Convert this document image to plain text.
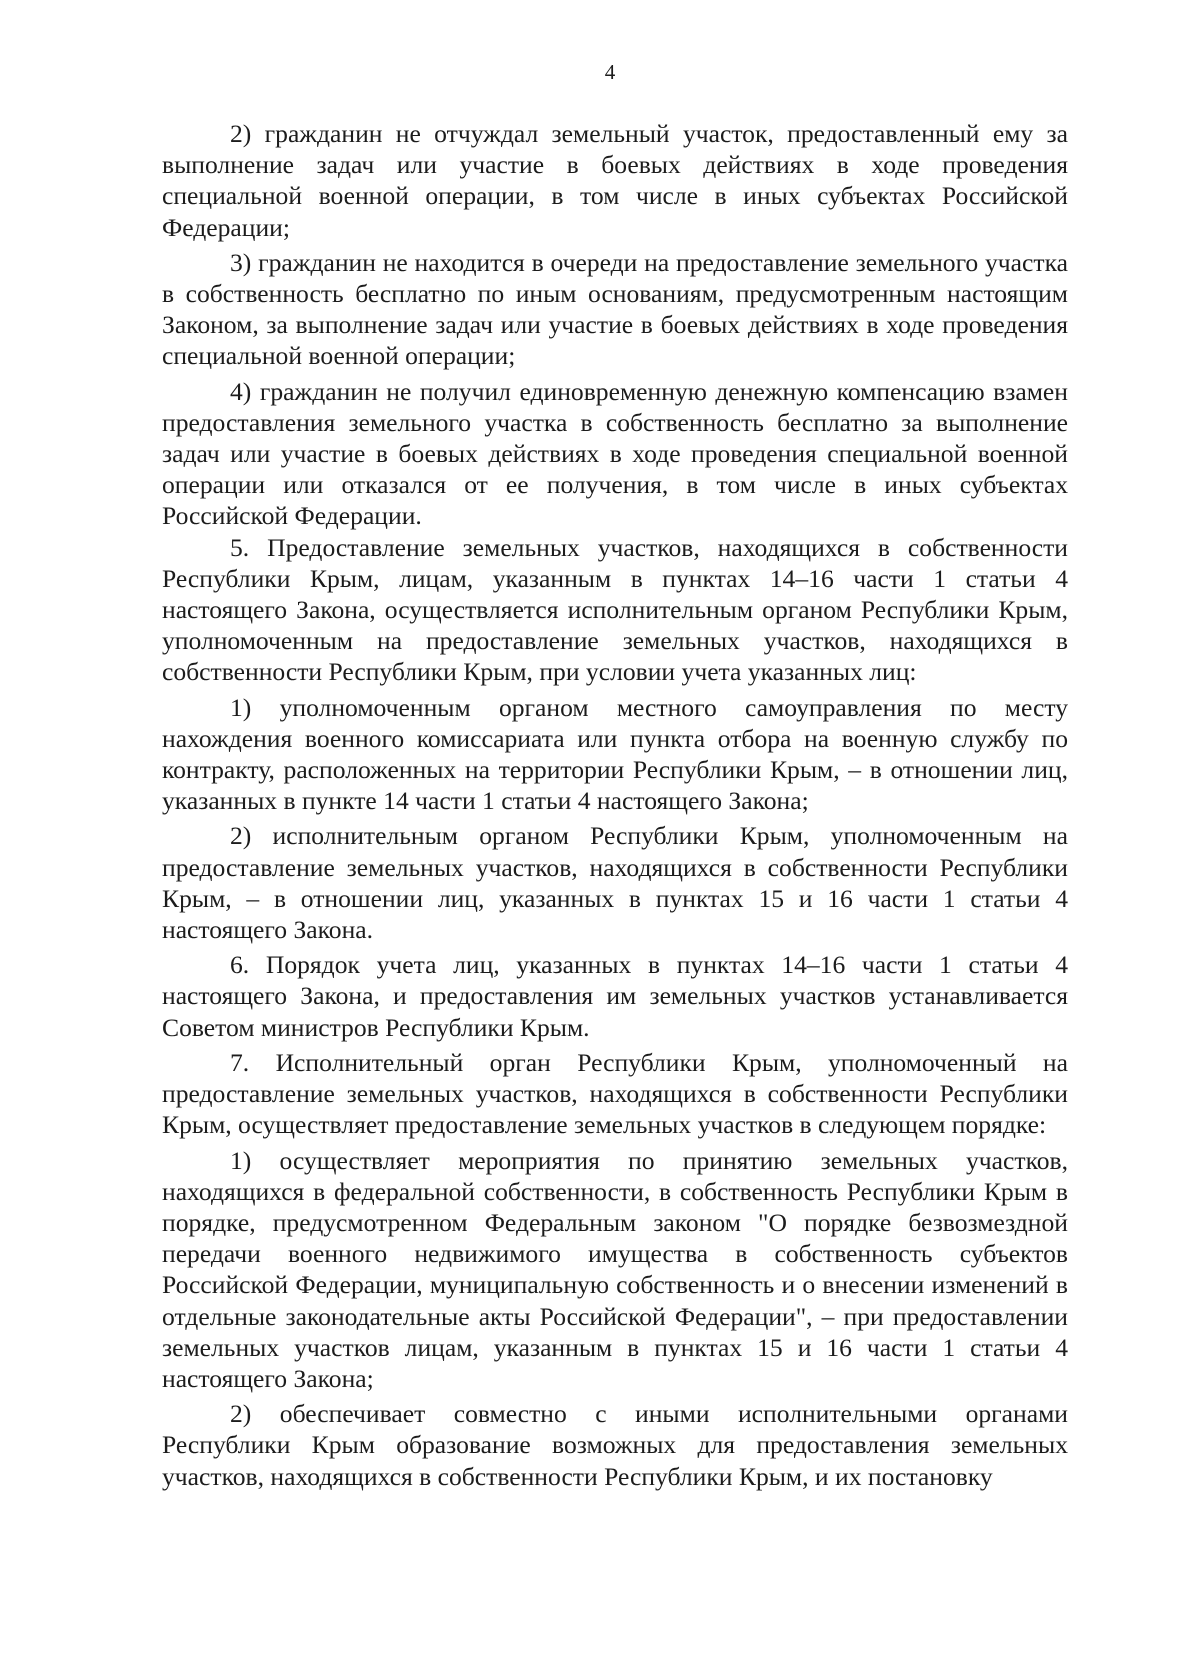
4

2) гражданин не отчуждал земельный участок, предоставленный ему за выполнение задач или участие в боевых действиях в ходе проведения специальной военной операции, в том числе в иных субъектах Российской Федерации;

3) гражданин не находится в очереди на предоставление земельного участка в собственность бесплатно по иным основаниям, предусмотренным настоящим Законом, за выполнение задач или участие в боевых действиях в ходе проведения специальной военной операции;

4) гражданин не получил единовременную денежную компенсацию взамен предоставления земельного участка в собственность бесплатно за выполнение задач или участие в боевых действиях в ходе проведения специальной военной операции или отказался от ее получения, в том числе в иных субъектах Российской Федерации.

5. Предоставление земельных участков, находящихся в собственности Республики Крым, лицам, указанным в пунктах 14–16 части 1 статьи 4 настоящего Закона, осуществляется исполнительным органом Республики Крым, уполномоченным на предоставление земельных участков, находящихся в собственности Республики Крым, при условии учета указанных лиц:

1) уполномоченным органом местного самоуправления по месту нахождения военного комиссариата или пункта отбора на военную службу по контракту, расположенных на территории Республики Крым, – в отношении лиц, указанных в пункте 14 части 1 статьи 4 настоящего Закона;

2) исполнительным органом Республики Крым, уполномоченным на предоставление земельных участков, находящихся в собственности Республики Крым, – в отношении лиц, указанных в пунктах 15 и 16 части 1 статьи 4 настоящего Закона.

6. Порядок учета лиц, указанных в пунктах 14–16 части 1 статьи 4 настоящего Закона, и предоставления им земельных участков устанавливается Советом министров Республики Крым.

7. Исполнительный орган Республики Крым, уполномоченный на предоставление земельных участков, находящихся в собственности Республики Крым, осуществляет предоставление земельных участков в следующем порядке:

1) осуществляет мероприятия по принятию земельных участков, находящихся в федеральной собственности, в собственность Республики Крым в порядке, предусмотренном Федеральным законом "О порядке безвозмездной передачи военного недвижимого имущества в собственность субъектов Российской Федерации, муниципальную собственность и о внесении изменений в отдельные законодательные акты Российской Федерации", – при предоставлении земельных участков лицам, указанным в пунктах 15 и 16 части 1 статьи 4 настоящего Закона;

2) обеспечивает совместно с иными исполнительными органами Республики Крым образование возможных для предоставления земельных участков, находящихся в собственности Республики Крым, и их постановку
